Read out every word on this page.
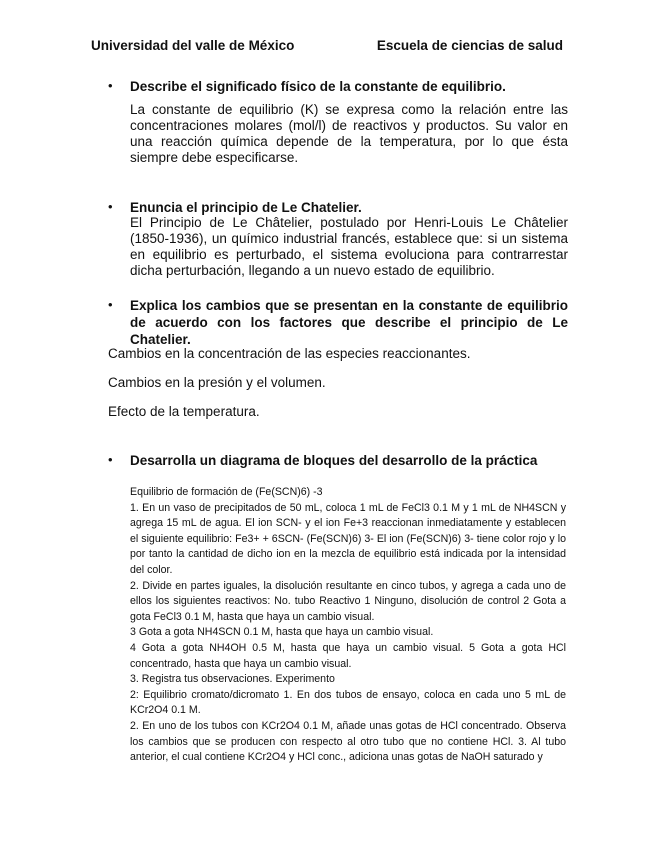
Universidad del valle de México	Escuela de ciencias de salud
• Describe el significado físico de la constante de equilibrio.
La constante de equilibrio (K) se expresa como la relación entre las concentraciones molares (mol/l) de reactivos y productos. Su valor en una reacción química depende de la temperatura, por lo que ésta siempre debe especificarse.
• Enuncia el principio de Le Chatelier.
El Principio de Le Châtelier, postulado por Henri-Louis Le Châtelier (1850-1936), un químico industrial francés, establece que: si un sistema en equilibrio es perturbado, el sistema evoluciona para contrarrestar dicha perturbación, llegando a un nuevo estado de equilibrio.
• Explica los cambios que se presentan en la constante de equilibrio de acuerdo con los factores que describe el principio de Le Chatelier.
Cambios en la concentración de las especies reaccionantes.
Cambios en la presión y el volumen.
Efecto de la temperatura.
• Desarrolla un diagrama de bloques del desarrollo de la práctica

Equilibrio de formación de (Fe(SCN)6) -3

1. En un vaso de precipitados de 50 mL, coloca 1 mL de FeCl3 0.1 M y 1 mL de NH4SCN y agrega 15 mL de agua. El ion SCN- y el ion Fe+3 reaccionan inmediatamente y establecen el siguiente equilibrio: Fe3+ + 6SCN- (Fe(SCN)6) 3- El ion (Fe(SCN)6) 3- tiene color rojo y lo por tanto la cantidad de dicho ion en la mezcla de equilibrio está indicada por la intensidad del color.

2. Divide en partes iguales, la disolución resultante en cinco tubos, y agrega a cada uno de ellos los siguientes reactivos: No. tubo Reactivo 1 Ninguno, disolución de control 2 Gota a gota FeCl3 0.1 M, hasta que haya un cambio visual.

3 Gota a gota NH4SCN 0.1 M, hasta que haya un cambio visual.

4 Gota a gota NH4OH 0.5 M, hasta que haya un cambio visual. 5 Gota a gota HCl concentrado, hasta que haya un cambio visual.

3. Registra tus observaciones. Experimento

2: Equilibrio cromato/dicromato 1. En dos tubos de ensayo, coloca en cada uno 5 mL de KCr2O4 0.1 M.

2. En uno de los tubos con KCr2O4 0.1 M, añade unas gotas de HCl concentrado. Observa los cambios que se producen con respecto al otro tubo que no contiene HCl. 3. Al tubo anterior, el cual contiene KCr2O4 y HCl conc., adiciona unas gotas de NaOH saturado y
